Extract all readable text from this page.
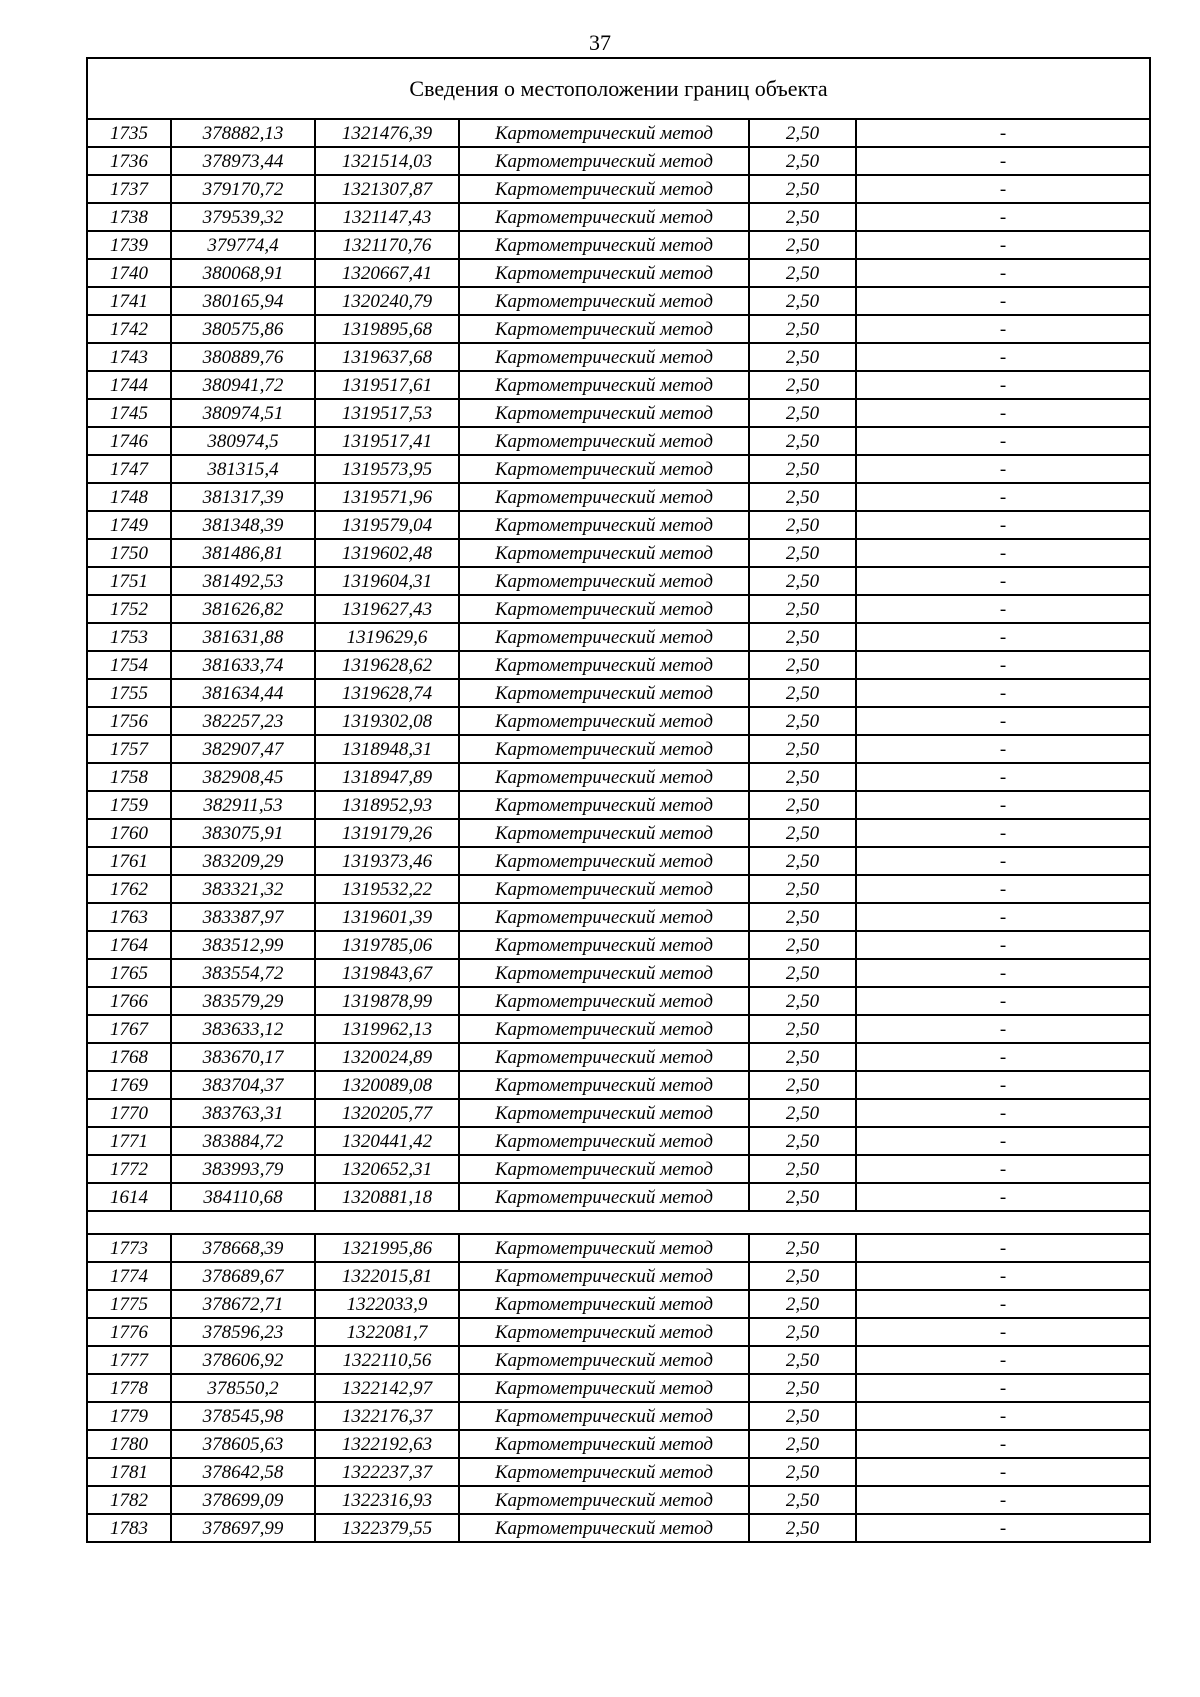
37
Сведения о местоположении границ объекта					
1735	378882,13	1321476,39	Картометрический метод	2,50	-
1736	378973,44	1321514,03	Картометрический метод	2,50	-
1737	379170,72	1321307,87	Картометрический метод	2,50	-
1738	379539,32	1321147,43	Картометрический метод	2,50	-
1739	379774,4	1321170,76	Картометрический метод	2,50	-
1740	380068,91	1320667,41	Картометрический метод	2,50	-
1741	380165,94	1320240,79	Картометрический метод	2,50	-
1742	380575,86	1319895,68	Картометрический метод	2,50	-
1743	380889,76	1319637,68	Картометрический метод	2,50	-
1744	380941,72	1319517,61	Картометрический метод	2,50	-
1745	380974,51	1319517,53	Картометрический метод	2,50	-
1746	380974,5	1319517,41	Картометрический метод	2,50	-
1747	381315,4	1319573,95	Картометрический метод	2,50	-
1748	381317,39	1319571,96	Картометрический метод	2,50	-
1749	381348,39	1319579,04	Картометрический метод	2,50	-
1750	381486,81	1319602,48	Картометрический метод	2,50	-
1751	381492,53	1319604,31	Картометрический метод	2,50	-
1752	381626,82	1319627,43	Картометрический метод	2,50	-
1753	381631,88	1319629,6	Картометрический метод	2,50	-
1754	381633,74	1319628,62	Картометрический метод	2,50	-
1755	381634,44	1319628,74	Картометрический метод	2,50	-
1756	382257,23	1319302,08	Картометрический метод	2,50	-
1757	382907,47	1318948,31	Картометрический метод	2,50	-
1758	382908,45	1318947,89	Картометрический метод	2,50	-
1759	382911,53	1318952,93	Картометрический метод	2,50	-
1760	383075,91	1319179,26	Картометрический метод	2,50	-
1761	383209,29	1319373,46	Картометрический метод	2,50	-
1762	383321,32	1319532,22	Картометрический метод	2,50	-
1763	383387,97	1319601,39	Картометрический метод	2,50	-
1764	383512,99	1319785,06	Картометрический метод	2,50	-
1765	383554,72	1319843,67	Картометрический метод	2,50	-
1766	383579,29	1319878,99	Картометрический метод	2,50	-
1767	383633,12	1319962,13	Картометрический метод	2,50	-
1768	383670,17	1320024,89	Картометрический метод	2,50	-
1769	383704,37	1320089,08	Картометрический метод	2,50	-
1770	383763,31	1320205,77	Картометрический метод	2,50	-
1771	383884,72	1320441,42	Картометрический метод	2,50	-
1772	383993,79	1320652,31	Картометрический метод	2,50	-
1614	384110,68	1320881,18	Картометрический метод	2,50	-

1773	378668,39	1321995,86	Картометрический метод	2,50	-
1774	378689,67	1322015,81	Картометрический метод	2,50	-
1775	378672,71	1322033,9	Картометрический метод	2,50	-
1776	378596,23	1322081,7	Картометрический метод	2,50	-
1777	378606,92	1322110,56	Картометрический метод	2,50	-
1778	378550,2	1322142,97	Картометрический метод	2,50	-
1779	378545,98	1322176,37	Картометрический метод	2,50	-
1780	378605,63	1322192,63	Картометрический метод	2,50	-
1781	378642,58	1322237,37	Картометрический метод	2,50	-
1782	378699,09	1322316,93	Картометрический метод	2,50	-
1783	378697,99	1322379,55	Картометрический метод	2,50	-
